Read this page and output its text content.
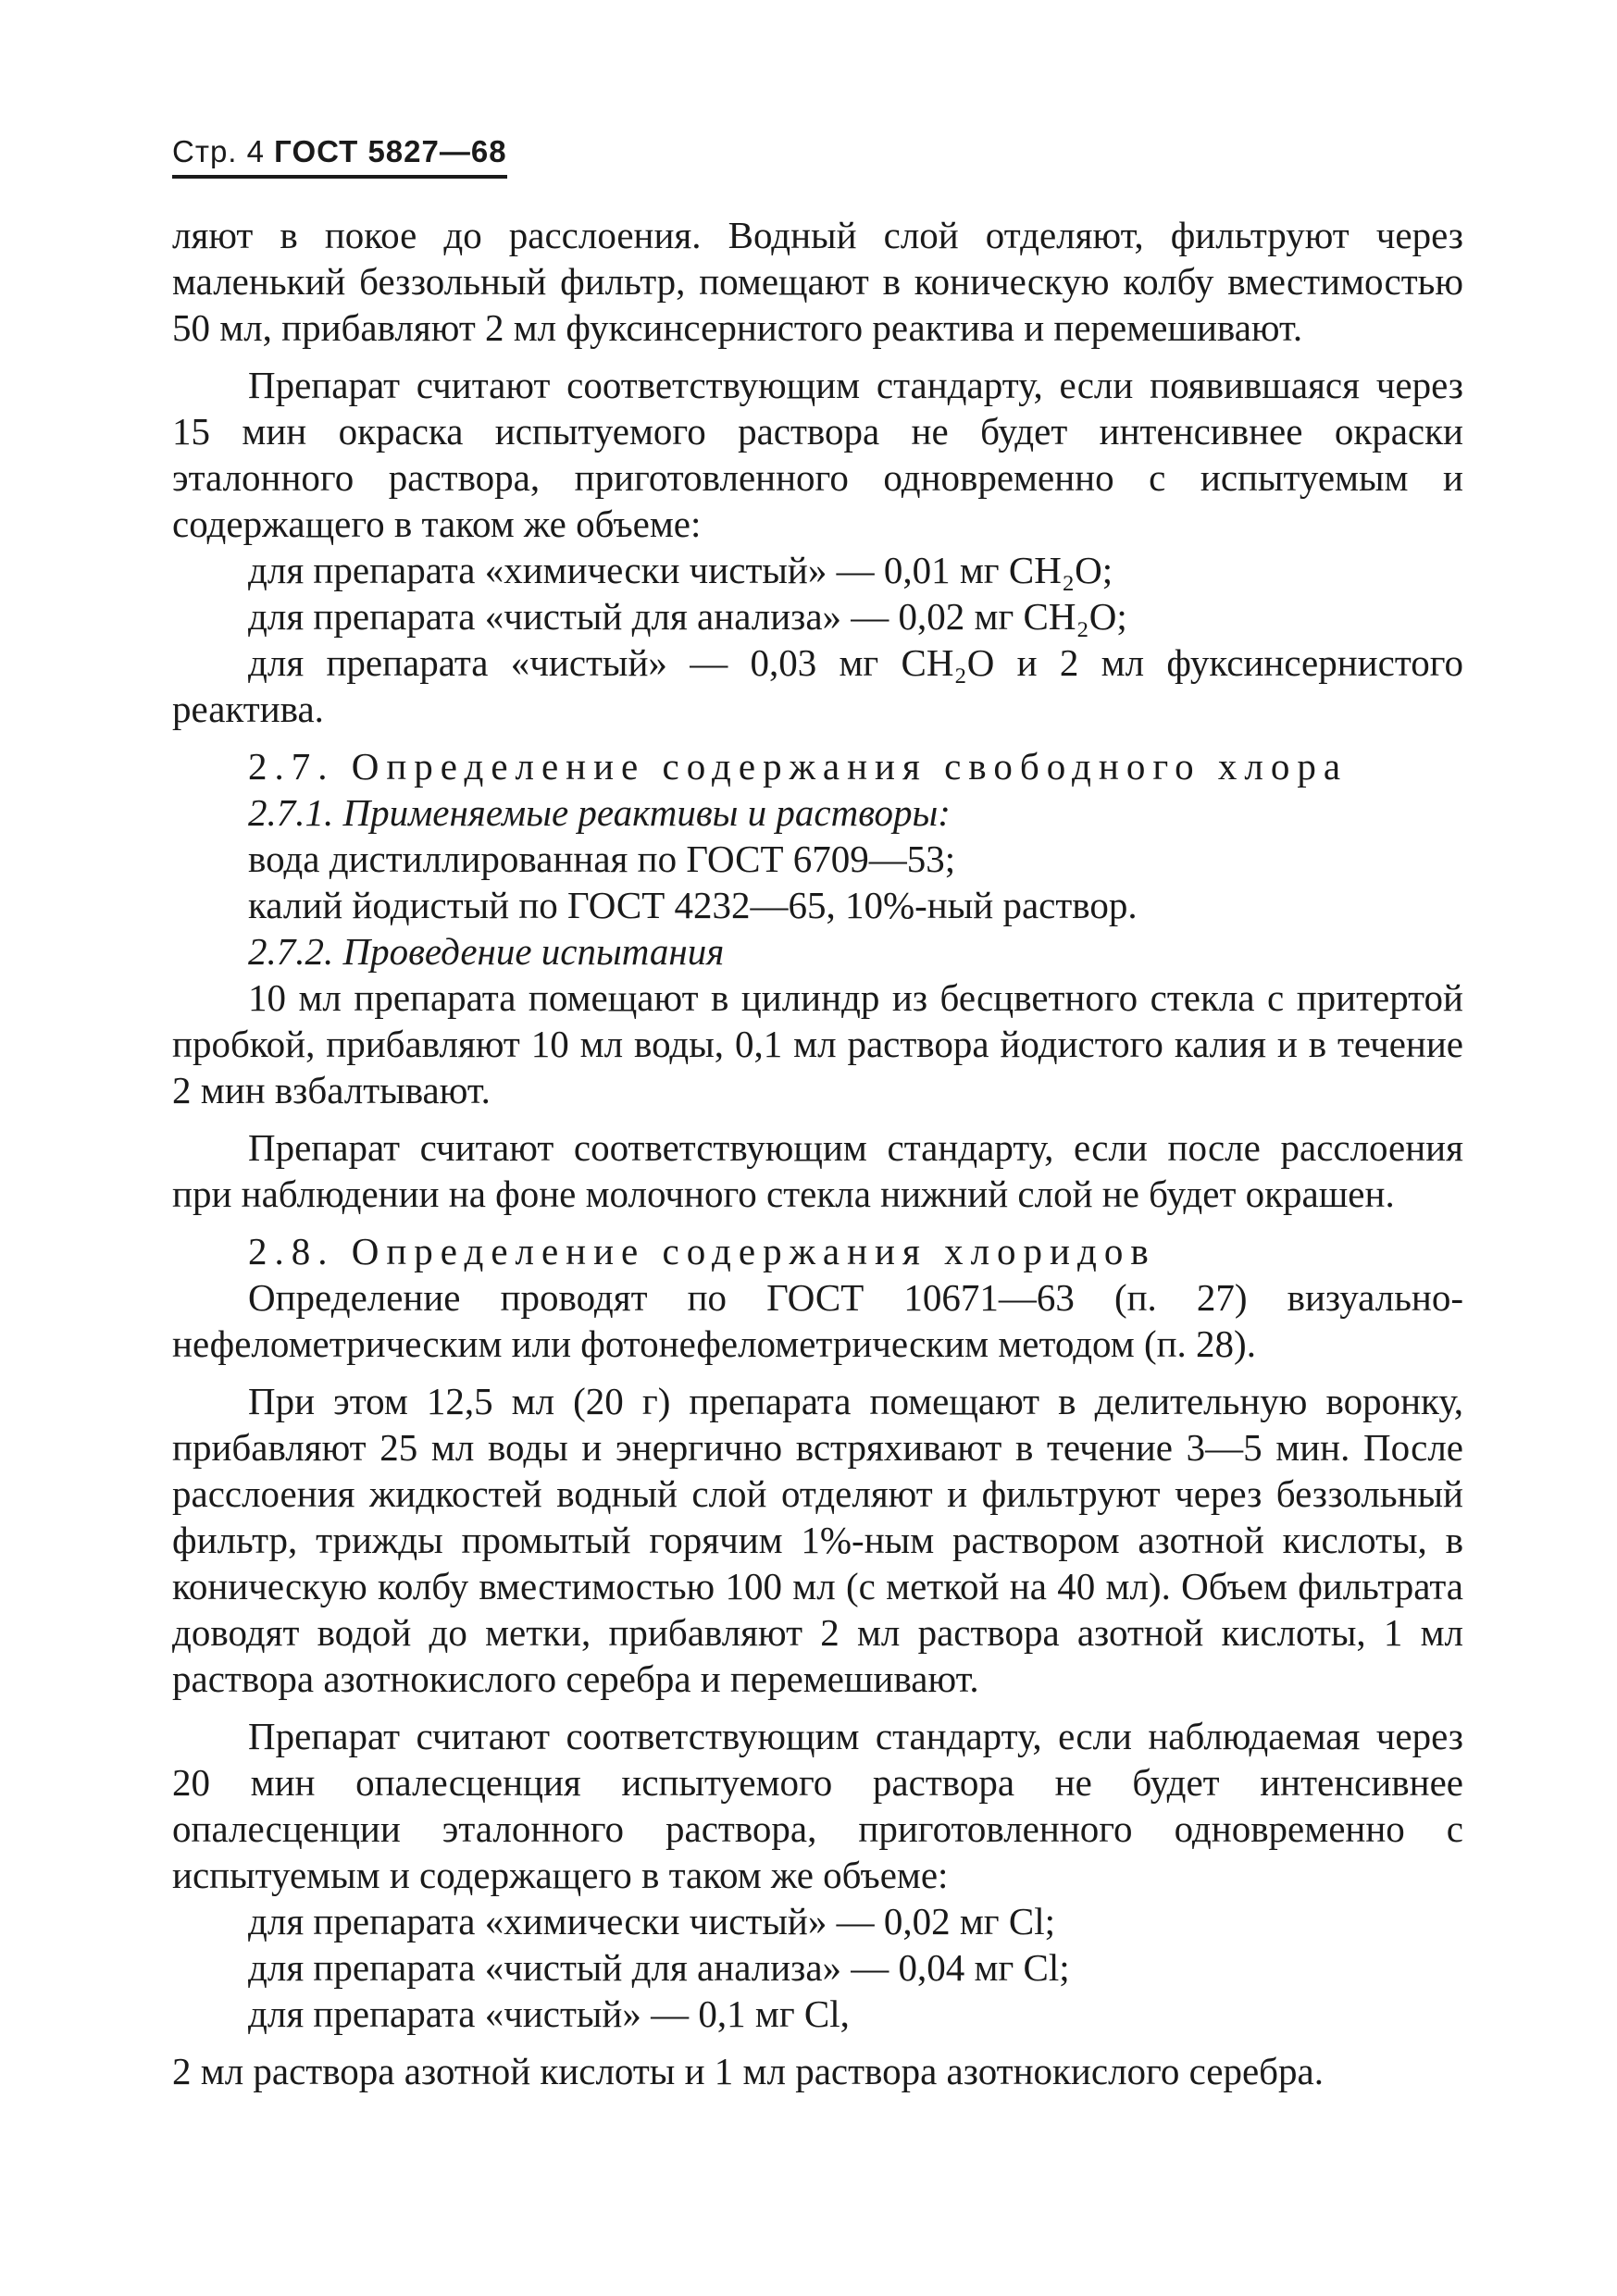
Стр. 4 ГОСТ 5827—68

ляют в покое до расслоения. Водный слой отделяют, фильтруют через маленький беззольный фильтр, помещают в коническую колбу вместимостью 50 мл, прибавляют 2 мл фуксинсернистого реактива и перемешивают.

Препарат считают соответствующим стандарту, если появившаяся через 15 мин окраска испытуемого раствора не будет интенсивнее окраски эталонного раствора, приготовленного одновременно с испытуемым и содержащего в таком же объеме:

для препарата «химически чистый» — 0,01 мг CH₂O;

для препарата «чистый для анализа» — 0,02 мг CH₂O;

для препарата «чистый» — 0,03 мг CH₂O и 2 мл фуксинсернистого реактива.

2.7. Определение содержания свободного хлора

2.7.1. Применяемые реактивы и растворы:

вода дистиллированная по ГОСТ 6709—53;

калий йодистый по ГОСТ 4232—65, 10%-ный раствор.

2.7.2. Проведение испытания

10 мл препарата помещают в цилиндр из бесцветного стекла с притертой пробкой, прибавляют 10 мл воды, 0,1 мл раствора йодистого калия и в течение 2 мин взбалтывают.

Препарат считают соответствующим стандарту, если после расслоения при наблюдении на фоне молочного стекла нижний слой не будет окрашен.

2.8. Определение содержания хлоридов

Определение проводят по ГОСТ 10671—63 (п. 27) визуально-нефелометрическим или фотонефелометрическим методом (п. 28).

При этом 12,5 мл (20 г) препарата помещают в делительную воронку, прибавляют 25 мл воды и энергично встряхивают в течение 3—5 мин. После расслоения жидкостей водный слой отделяют и фильтруют через беззольный фильтр, трижды промытый горячим 1%-ным раствором азотной кислоты, в коническую колбу вместимостью 100 мл (с меткой на 40 мл). Объем фильтрата доводят водой до метки, прибавляют 2 мл раствора азотной кислоты, 1 мл раствора азотнокислого серебра и перемешивают.

Препарат считают соответствующим стандарту, если наблюдаемая через 20 мин опалесценция испытуемого раствора не будет интенсивнее опалесценции эталонного раствора, приготовленного одновременно с испытуемым и содержащего в таком же объеме:

для препарата «химически чистый» — 0,02 мг Cl;

для препарата «чистый для анализа» — 0,04 мг Cl;

для препарата «чистый» — 0,1 мг Cl,

2 мл раствора азотной кислоты и 1 мл раствора азотнокислого серебра.
